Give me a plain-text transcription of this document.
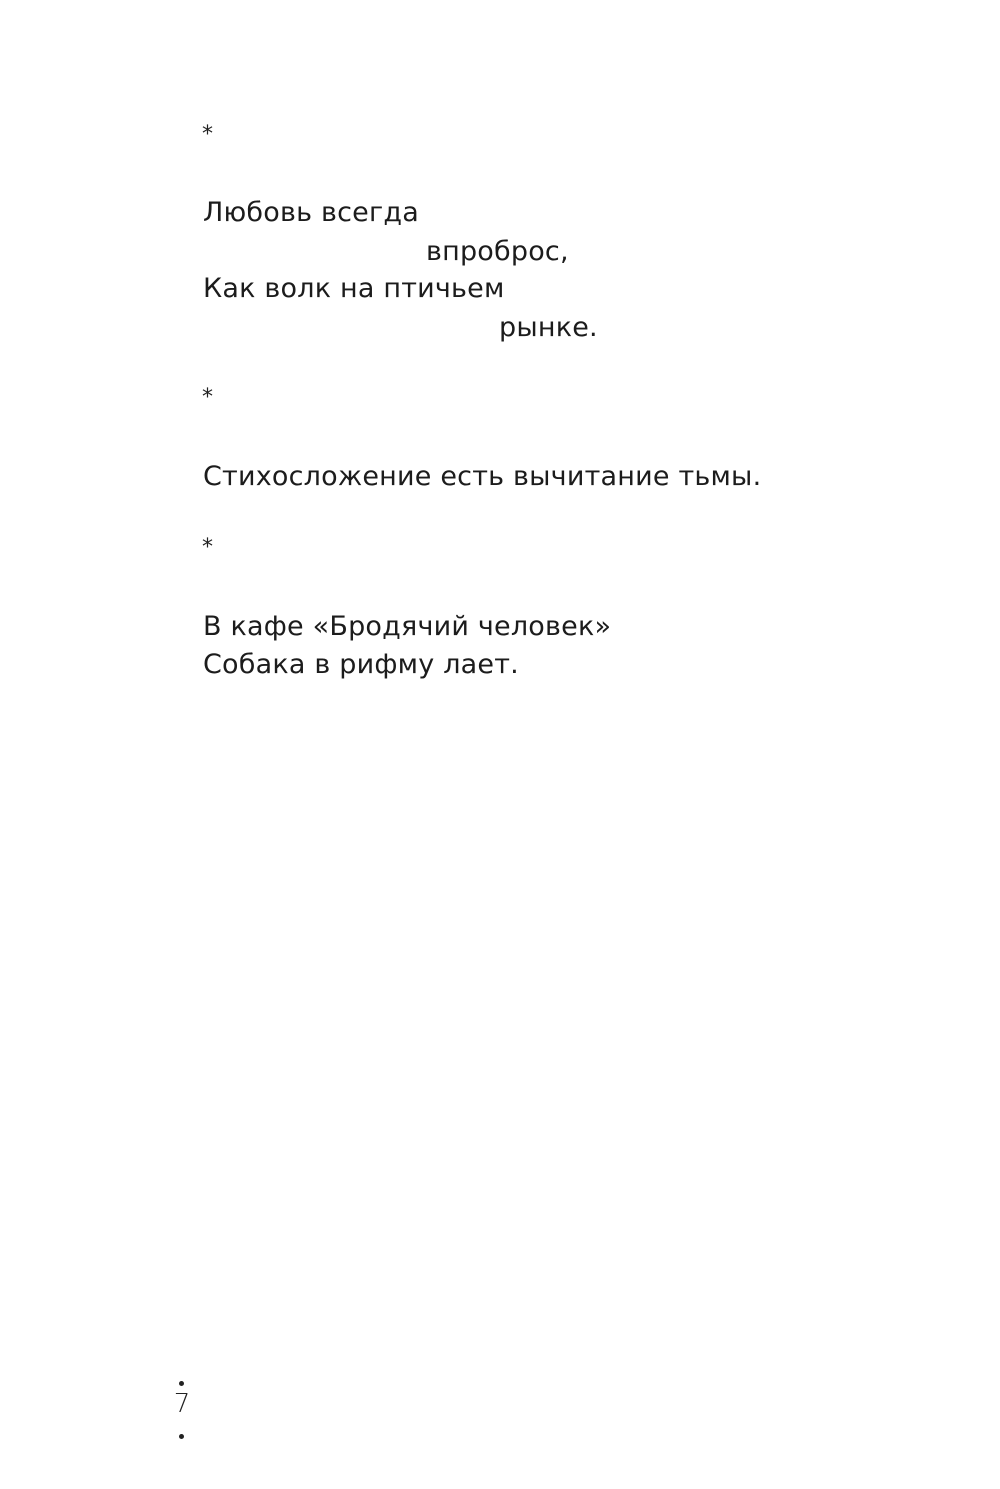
*
Любовь всегда
впроброс,
Как волк на птичьем
рынке.
*
Стихосложение есть вычитание тьмы.
*
В кафе «Бродячий человек»
Собака в рифму лает.
7
